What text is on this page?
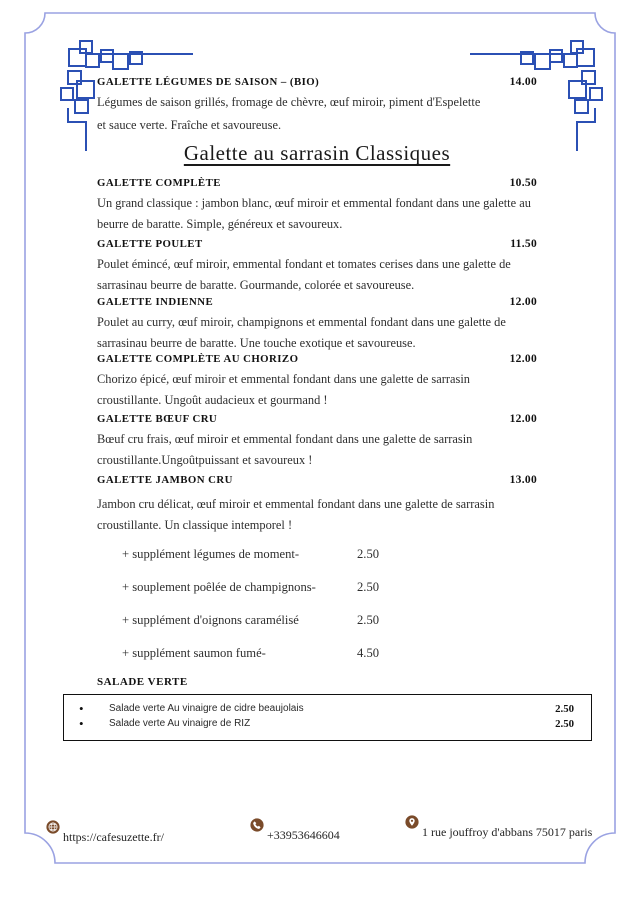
GALETTE LÉGUMES DE SAISON – (BIO)	14.00
Légumes de saison grillés, fromage de chèvre, œuf miroir, piment d'Espelette
et sauce verte. Fraîche et savoureuse.
Galette au sarrasin Classiques
GALETTE COMPLÈTE	10.50

Un grand classique : jambon blanc, œuf miroir et emmental fondant dans une galette au beurre de baratte. Simple, généreux et savoureux.

GALETTE POULET	11.50

Poulet émincé, œuf miroir, emmental fondant et tomates cerises dans une galette de sarrasinau beurre de baratte. Gourmande, colorée et savoureuse.

GALETTE INDIENNE	12.00

Poulet au curry, œuf miroir, champignons et emmental fondant dans une galette de sarrasinau beurre de baratte. Une touche exotique et savoureuse.

GALETTE COMPLÈTE AU CHORIZO	12.00

Chorizo épicé, œuf miroir et emmental fondant dans une galette de sarrasin croustillante. Ungoût audacieux et gourmand !

GALETTE BŒUF CRU	12.00

Bœuf cru frais, œuf miroir et emmental fondant dans une galette de sarrasin croustillante.Ungoûtpuissant et savoureux !

GALETTE JAMBON CRU	13.00

Jambon cru délicat, œuf miroir et emmental fondant dans une galette de sarrasin croustillante. Un classique intemporel !

+ supplément légumes de moment-	2.50
+ souplement poêlée de champignons-	2.50
+ supplément d'oignons caramélisé	2.50
+ supplément saumon fumé-	4.50
SALADE VERTE
•	Salade verte Au vinaigre de cidre beaujolais	2.50
•	Salade verte Au vinaigre de RIZ	2.50
https://cafesuzette.fr/	+33953646604	1 rue jouffroy d'abbans 75017 paris
